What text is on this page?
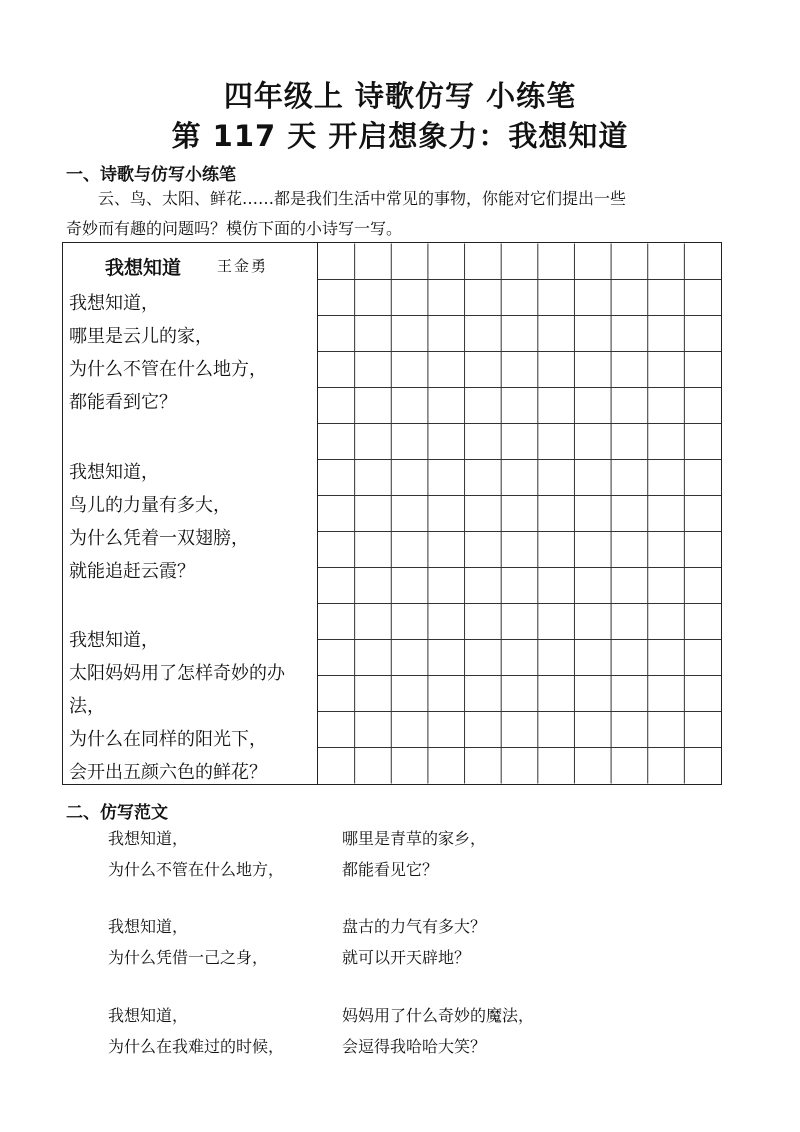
四年级上 诗歌仿写 小练笔
第 117 天 开启想象力：我想知道
一、诗歌与仿写小练笔

云、鸟、太阳、鲜花……都是我们生活中常见的事物，你能对它们提出一些

奇妙而有趣的问题吗？模仿下面的小诗写一写。
我想知道 王金勇
我想知道，
哪里是云儿的家，
为什么不管在什么地方，
都能看到它？
我想知道，
鸟儿的力量有多大，
为什么凭着一双翅膀，
就能追赶云霞？
我想知道，
太阳妈妈用了怎样奇妙的办
法，
为什么在同样的阳光下，
会开出五颜六色的鲜花？
二、仿写范文
我想知道，	哪里是青草的家乡，
为什么不管在什么地方，	都能看见它？
我想知道，	盘古的力气有多大？
为什么凭借一己之身，	就可以开天辟地？
我想知道，	妈妈用了什么奇妙的魔法，
为什么在我难过的时候，	会逗得我哈哈大笑？
